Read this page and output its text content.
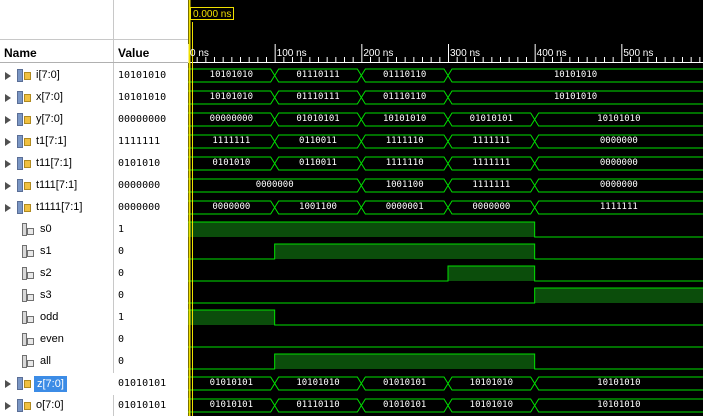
Name	Value
i[7:0]	10101010
x[7:0]	10101010
y[7:0]	00000000
t1[7:1]	1111111
t11[7:1]	0101010
t111[7:1]	0000000
t1111[7:1]	0000000
s0	1
s1	0
s2	0
s3	0
odd	1
even	0
all	0
z[7:0]	01010101
o[7:0]	01010101
0.000 ns
0 ns	100 ns	200 ns	300 ns	400 ns	500 ns
10101010	01110111	01110110	10101010
10101010	01110111	01110110	10101010
00000000	01010101	10101010	01010101	10101010
1111111	0110011	1111110	1111111	0000000
0101010	0110011	1111110	1111111	0000000
0000000	1001100	1111111	0000000
0000000	1001100	0000001	0000000	1111111
01010101	10101010	01010101	10101010	10101010
01010101	01110110	01010101	10101010	10101010
